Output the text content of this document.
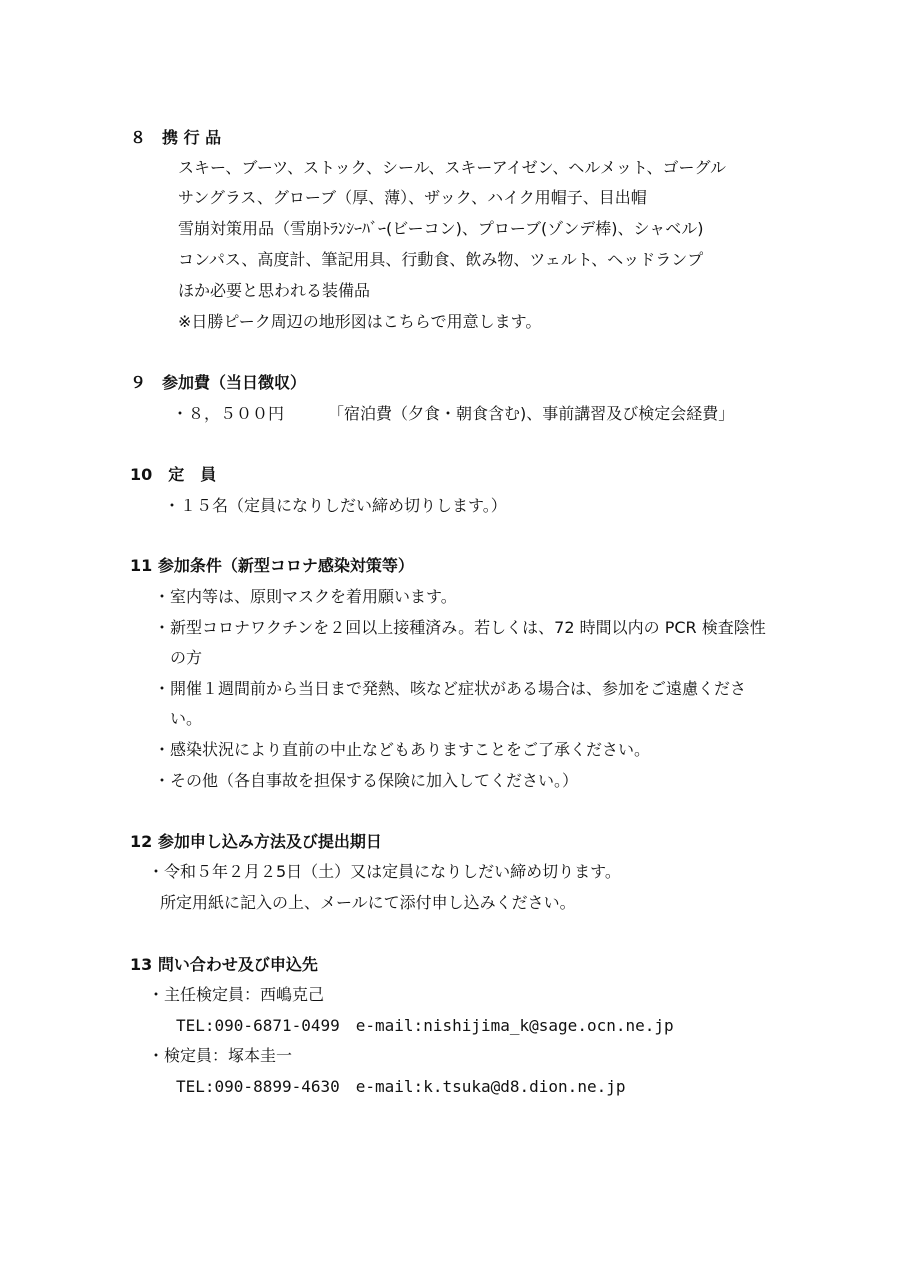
８　携 行 品
スキー、ブーツ、ストック、シール、スキーアイゼン、ヘルメット、ゴーグル
サングラス、グローブ（厚、薄）、ザック、ハイク用帽子、目出帽
雪崩対策用品（雪崩ﾄﾗﾝｼｰﾊﾞｰ(ビーコン)、プローブ(ゾンデ棒)、シャベル)
コンパス、高度計、筆記用具、行動食、飲み物、ツェルト、ヘッドランプ
ほか必要と思われる装備品
※日勝ピーク周辺の地形図はこちらで用意します。
９　参加費（当日徴収）
・８，５００円	「宿泊費（夕食・朝食含む)、事前講習及び検定会経費」
10　定　員
・１５名（定員になりしだい締め切りします。）
11 参加条件（新型コロナ感染対策等）
・室内等は、原則マスクを着用願います。
・新型コロナワクチンを２回以上接種済み。若しくは、72 時間以内の PCR 検査陰性
の方
・開催１週間前から当日まで発熱、咳など症状がある場合は、参加をご遠慮くださ
い。
・感染状況により直前の中止などもありますことをご了承ください。
・その他（各自事故を担保する保険に加入してください。）
12 参加申し込み方法及び提出期日
・令和５年２月２5日（土）又は定員になりしだい締め切ります。
所定用紙に記入の上、メールにて添付申し込みください。
13 問い合わせ及び申込先
・主任検定員：西嶋克己
TEL:090-6871-0499　e-mail:nishijima_k@sage.ocn.ne.jp
・検定員：塚本圭一
TEL:090-8899-4630　e-mail:k.tsuka@d8.dion.ne.jp
